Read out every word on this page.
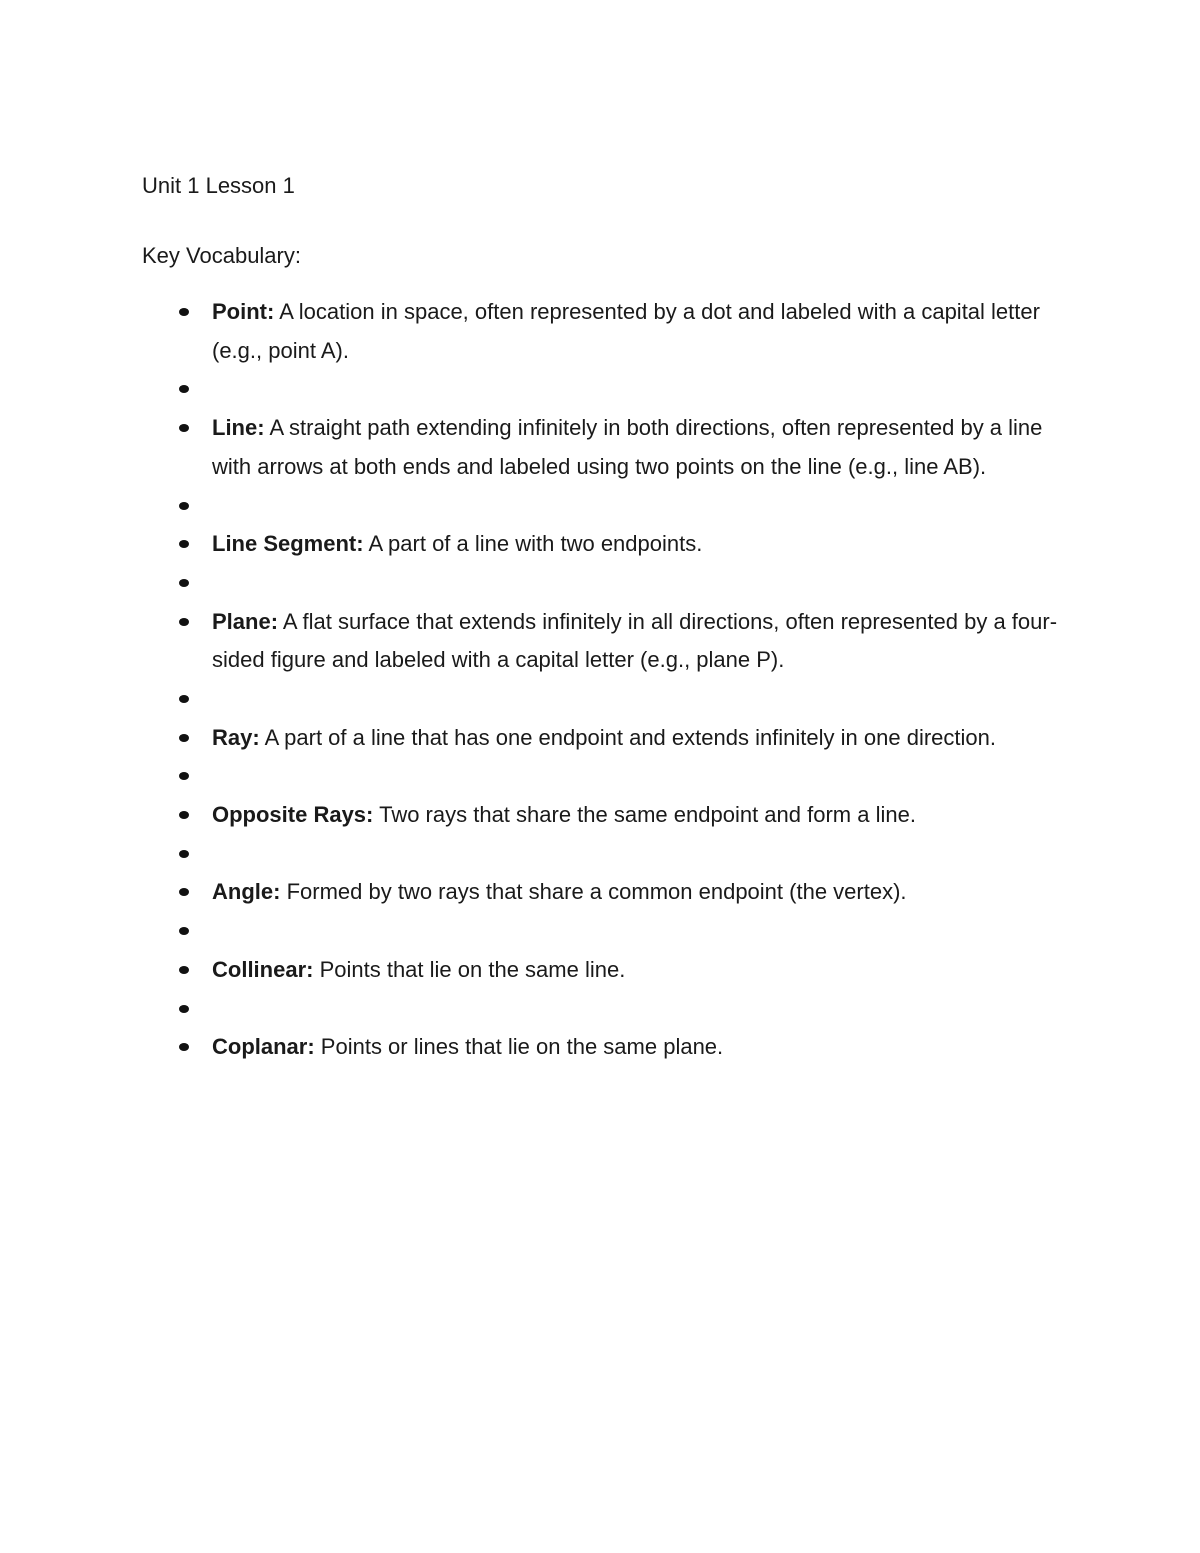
Unit 1 Lesson 1
Key Vocabulary:
Point: A location in space, often represented by a dot and labeled with a capital letter (e.g., point A).
Line: A straight path extending infinitely in both directions, often represented by a line with arrows at both ends and labeled using two points on the line (e.g., line AB).
Line Segment: A part of a line with two endpoints.
Plane: A flat surface that extends infinitely in all directions, often represented by a four-sided figure and labeled with a capital letter (e.g., plane P).
Ray: A part of a line that has one endpoint and extends infinitely in one direction.
Opposite Rays: Two rays that share the same endpoint and form a line.
Angle: Formed by two rays that share a common endpoint (the vertex).
Collinear: Points that lie on the same line.
Coplanar: Points or lines that lie on the same plane.
